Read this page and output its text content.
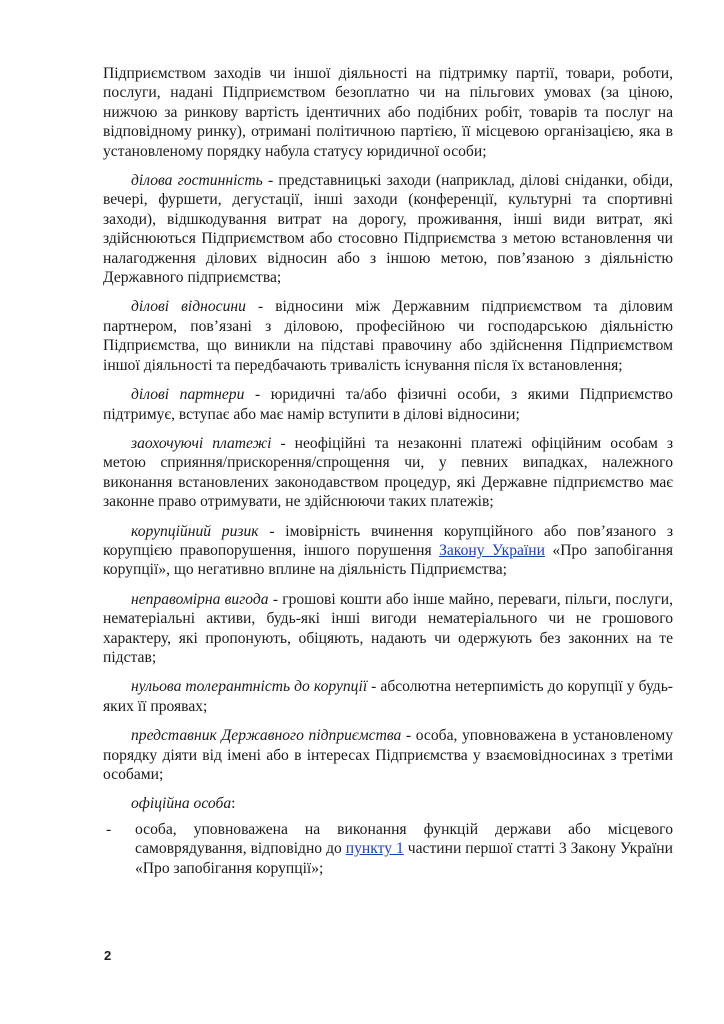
Підприємством заходів чи іншої діяльності на підтримку партії, товари, роботи, послуги, надані Підприємством безоплатно чи на пільгових умовах (за ціною, нижчою за ринкову вартість ідентичних або подібних робіт, товарів та послуг на відповідному ринку), отримані політичною партією, її місцевою організацією, яка в установленому порядку набула статусу юридичної особи;

ділова гостинність - представницькі заходи (наприклад, ділові сніданки, обіди, вечері, фуршети, дегустації, інші заходи (конференції, культурні та спортивні заходи), відшкодування витрат на дорогу, проживання, інші види витрат, які здійснюються Підприємством або стосовно Підприємства з метою встановлення чи налагодження ділових відносин або з іншою метою, пов’язаною з діяльністю Державного підприємства;

ділові відносини - відносини між Державним підприємством та діловим партнером, пов’язані з діловою, професійною чи господарською діяльністю Підприємства, що виникли на підставі правочину або здійснення Підприємством іншої діяльності та передбачають тривалість існування після їх встановлення;

ділові партнери - юридичні та/або фізичні особи, з якими Підприємство підтримує, вступає або має намір вступити в ділові відносини;

заохочуючі платежі - неофіційні та незаконні платежі офіційним особам з метою сприяння/прискорення/спрощення чи, у певних випадках, належного виконання встановлених законодавством процедур, які Державне підприємство має законне право отримувати, не здійснюючи таких платежів;

корупційний ризик - імовірність вчинення корупційного або пов’язаного з корупцією правопорушення, іншого порушення Закону України «Про запобігання корупції», що негативно вплине на діяльність Підприємства;

неправомірна вигода - грошові кошти або інше майно, переваги, пільги, послуги, нематеріальні активи, будь-які інші вигоди нематеріального чи не грошового характеру, які пропонують, обіцяють, надають чи одержують без законних на те підстав;

нульова толерантність до корупції - абсолютна нетерпимість до корупції у будь-яких її проявах;

представник Державного підприємства - особа, уповноважена в установленому порядку діяти від імені або в інтересах Підприємства у взаємовідносинах з третіми особами;

офіційна особа:

- особа, уповноважена на виконання функцій держави або місцевого самоврядування, відповідно до пункту 1 частини першої статті 3 Закону України «Про запобігання корупції»;

2
